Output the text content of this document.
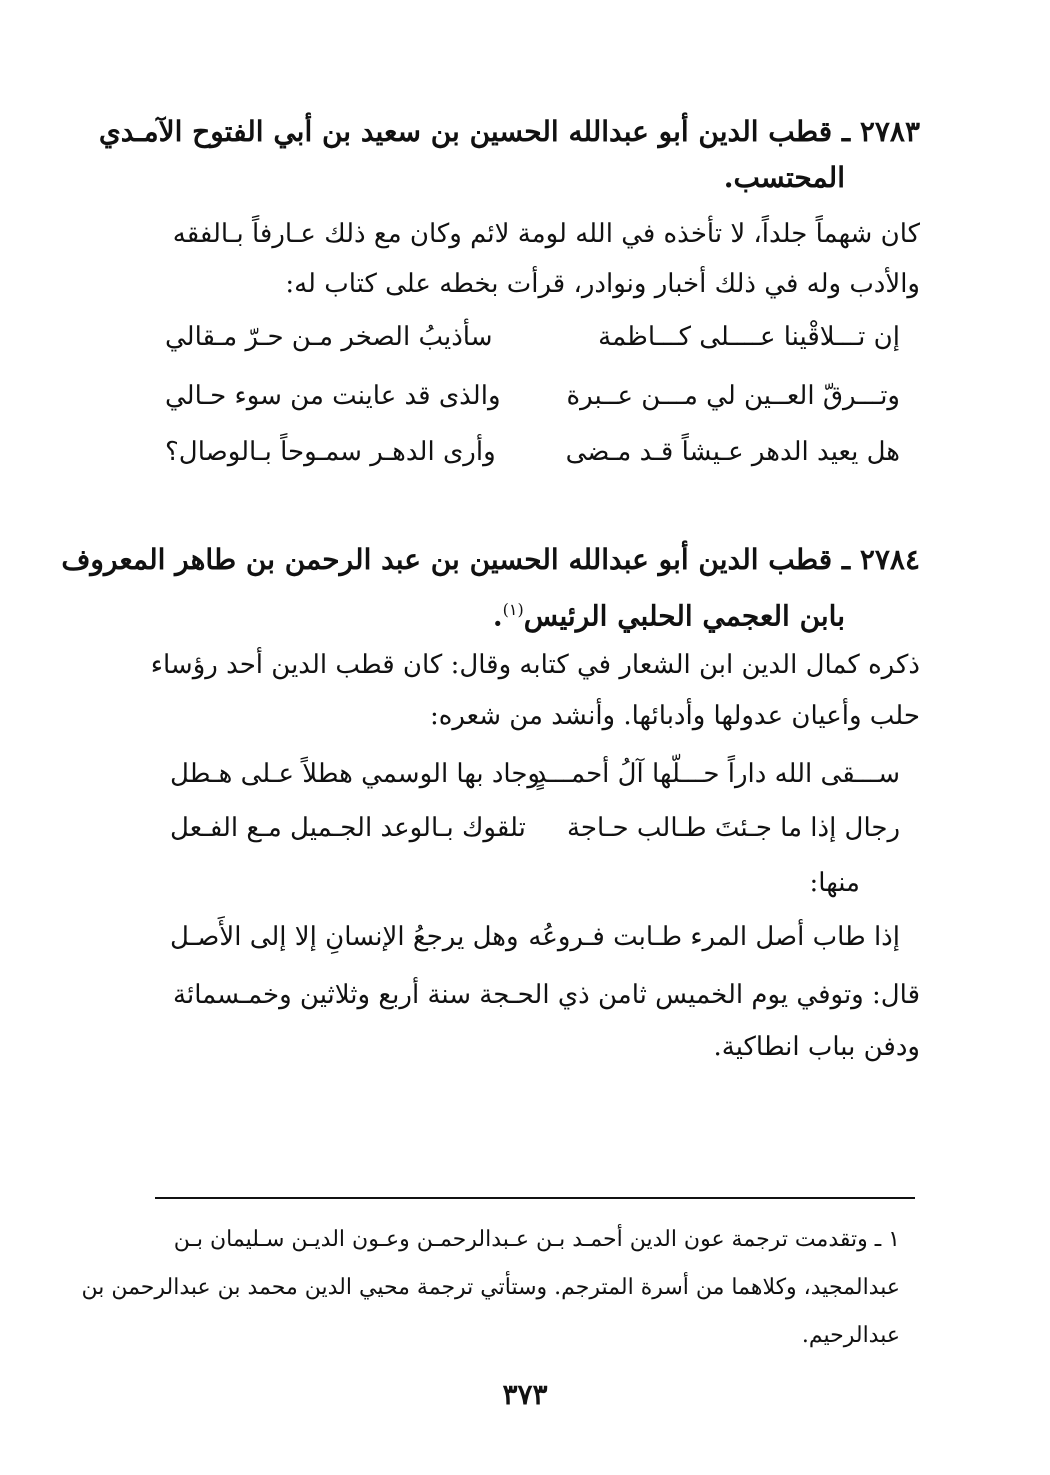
٢٧٨٣ ـ قطب الدين أبو عبدالله الحسين بن سعيد بن أبي الفتوح الآمـدي
المحتسب.
كان شهماً جلداً، لا تأخذه في الله لومة لائم وكان مع ذلك عـارفاً بـالفقه
والأدب وله في ذلك أخبار ونوادر، قرأت بخطه على كتاب له:
إن تـــلاقْينا عــــلى كـــاظمة
سأذيبُ الصخر مـن حـرّ مـقالي
وتـــرقّ العــين لي مـــن عــبرة
والذى قد عاينت من سوء حـالي
هل يعيد الدهر عـيشاً قـد مـضى
وأرى الدهـر سمـوحاً بـالوصال؟
٢٧٨٤ ـ قطب الدين أبو عبدالله الحسين بن عبد الرحمن بن طاهر المعروف
بابن العجمي الحلبي الرئيس$^{(١)}$.
ذكره كمال الدين ابن الشعار في كتابه وقال: كان قطب الدين أحد رؤساء
حلب وأعيان عدولها وأدبائها. وأنشد من شعره:
ســـقى الله داراً حـــلّها آلُ أحمـــدٍ
وجاد بها الوسمي هطلاً عـلى هـطل
رجال إذا ما جـئتَ طـالب حـاجة
تلقوك بـالوعد الجـميل مـع الفـعل
منها:
إذا طاب أصل المرء طـابت فـروعُه
وهل يرجعُ الإنسانِ إلا إلى الأَصـل
قال: وتوفي يوم الخميس ثامن ذي الحـجة سنة أربع وثلاثين وخمـسمائة
ودفن بباب انطاكية.
١ ـ وتقدمت ترجمة عون الدين أحمـد بـن عـبدالرحمـن وعـون الديـن سـليمان بـن
عبدالمجيد، وكلاهما من أسرة المترجم. وستأتي ترجمة محيي الدين محمد بن عبدالرحمن بن
عبدالرحيم.
٣٧٣
